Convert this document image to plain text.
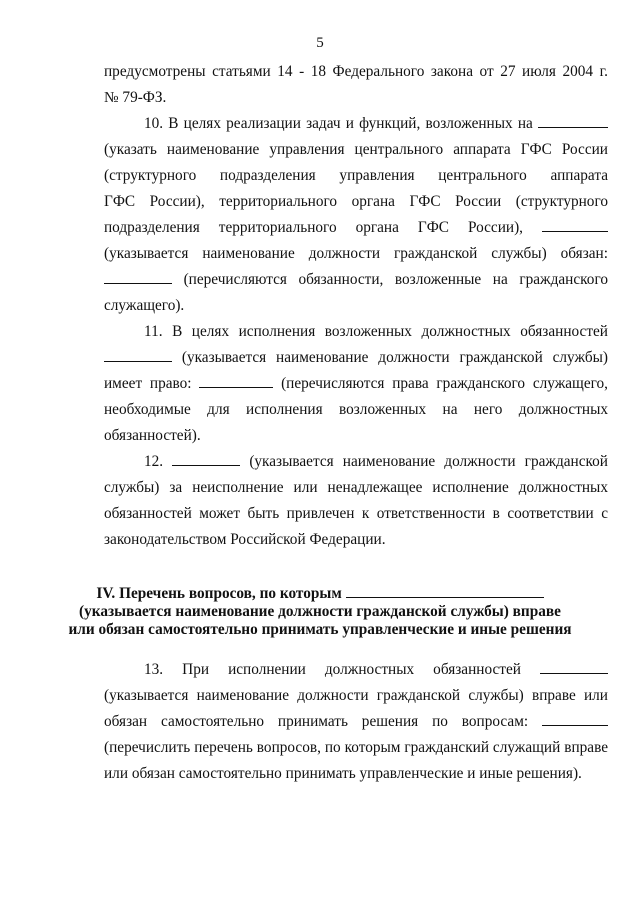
5
предусмотрены статьями 14 - 18 Федерального закона от 27 июля 2004 г.
№ 79-ФЗ.
10. В целях реализации задач и функций, возложенных на
(указать наименование управления центрального аппарата ГФС России
(структурного подразделения управления центрального аппарата
ГФС России), территориального органа ГФС России (структурного
подразделения территориального органа ГФС России),
(указывается наименование должности гражданской службы) обязан:
(перечисляются обязанности, возложенные на гражданского
служащего).
11. В целях исполнения возложенных должностных обязанностей
(указывается наименование должности гражданской службы)
имеет право:	(перечисляются права гражданского служащего,
необходимые для исполнения возложенных на него должностных
обязанностей).
12.	(указывается наименование должности гражданской
службы) за неисполнение или ненадлежащее исполнение должностных
обязанностей может быть привлечен к ответственности в соответствии с
законодательством Российской Федерации.
IV. Перечень вопросов, по которым
(указывается наименование должности гражданской службы) вправе
или обязан самостоятельно принимать управленческие и иные решения
13. При исполнении должностных обязанностей
(указывается наименование должности гражданской службы) вправе или
обязан самостоятельно принимать решения по вопросам:
(перечислить перечень вопросов, по которым гражданский служащий вправе
или обязан самостоятельно принимать управленческие и иные решения).
